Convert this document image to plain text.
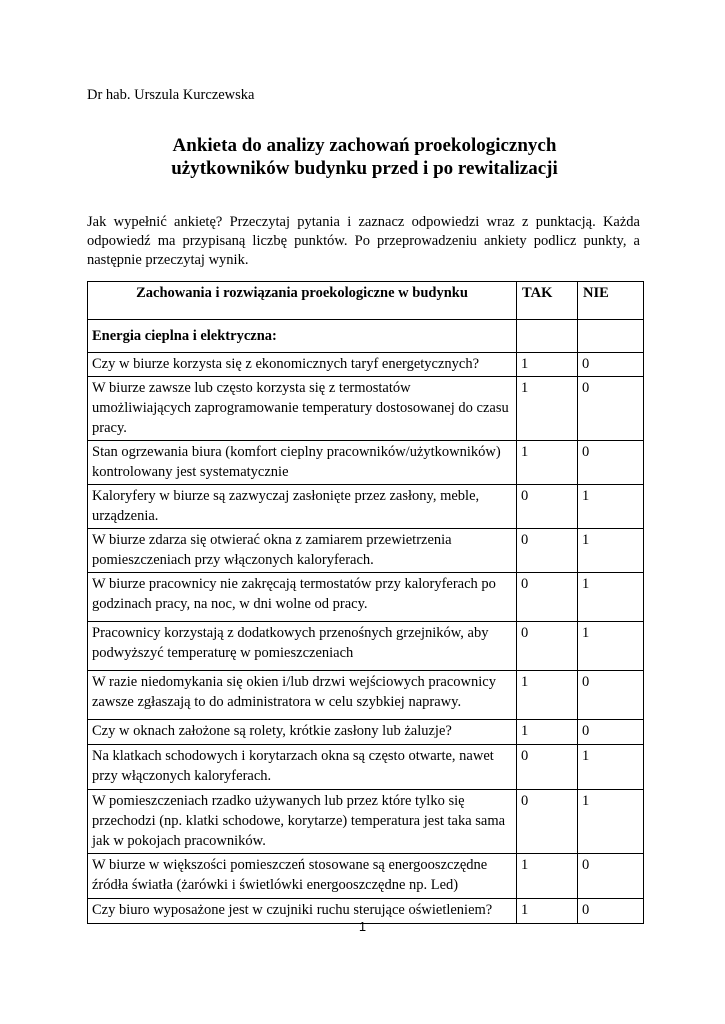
Dr hab. Urszula Kurczewska
Ankieta do analizy zachowań proekologicznych
użytkowników budynku przed i po rewitalizacji
Jak wypełnić ankietę? Przeczytaj pytania i zaznacz odpowiedzi wraz z punktacją. Każda odpowiedź ma przypisaną liczbę punktów. Po przeprowadzeniu ankiety podlicz punkty, a następnie przeczytaj wynik.
Zachowania i rozwiązania proekologiczne w budynku	TAK	NIE
Energia cieplna i elektryczna:		
Czy w biurze korzysta się z ekonomicznych taryf energetycznych?	1	0
W biurze zawsze lub często korzysta się z termostatów umożliwiających zaprogramowanie temperatury dostosowanej do czasu pracy.	1	0
Stan ogrzewania biura (komfort cieplny pracowników/użytkowników) kontrolowany jest systematycznie	1	0
Kaloryfery w biurze są zazwyczaj zasłonięte przez zasłony, meble, urządzenia.	0	1
W biurze zdarza się otwierać okna z zamiarem przewietrzenia pomieszczeniach przy włączonych kaloryferach.	0	1
W biurze pracownicy nie zakręcają termostatów przy kaloryferach po godzinach pracy, na noc, w dni wolne od pracy.	0	1
Pracownicy korzystają z dodatkowych przenośnych grzejników, aby podwyższyć temperaturę w pomieszczeniach	0	1
W razie niedomykania się okien i/lub drzwi wejściowych pracownicy zawsze zgłaszają to do administratora w celu szybkiej naprawy.	1	0
Czy w oknach założone są rolety, krótkie zasłony lub żaluzje?	1	0
Na klatkach schodowych i korytarzach okna są często otwarte, nawet przy włączonych kaloryferach.	0	1
W pomieszczeniach rzadko używanych lub przez które tylko się przechodzi (np. klatki schodowe, korytarze) temperatura jest taka sama jak w pokojach pracowników.	0	1
W biurze w większości pomieszczeń stosowane są energooszczędne źródła światła (żarówki i świetlówki energooszczędne np. Led)	1	0
Czy biuro wyposażone jest w czujniki ruchu sterujące oświetleniem?	1	0
1
